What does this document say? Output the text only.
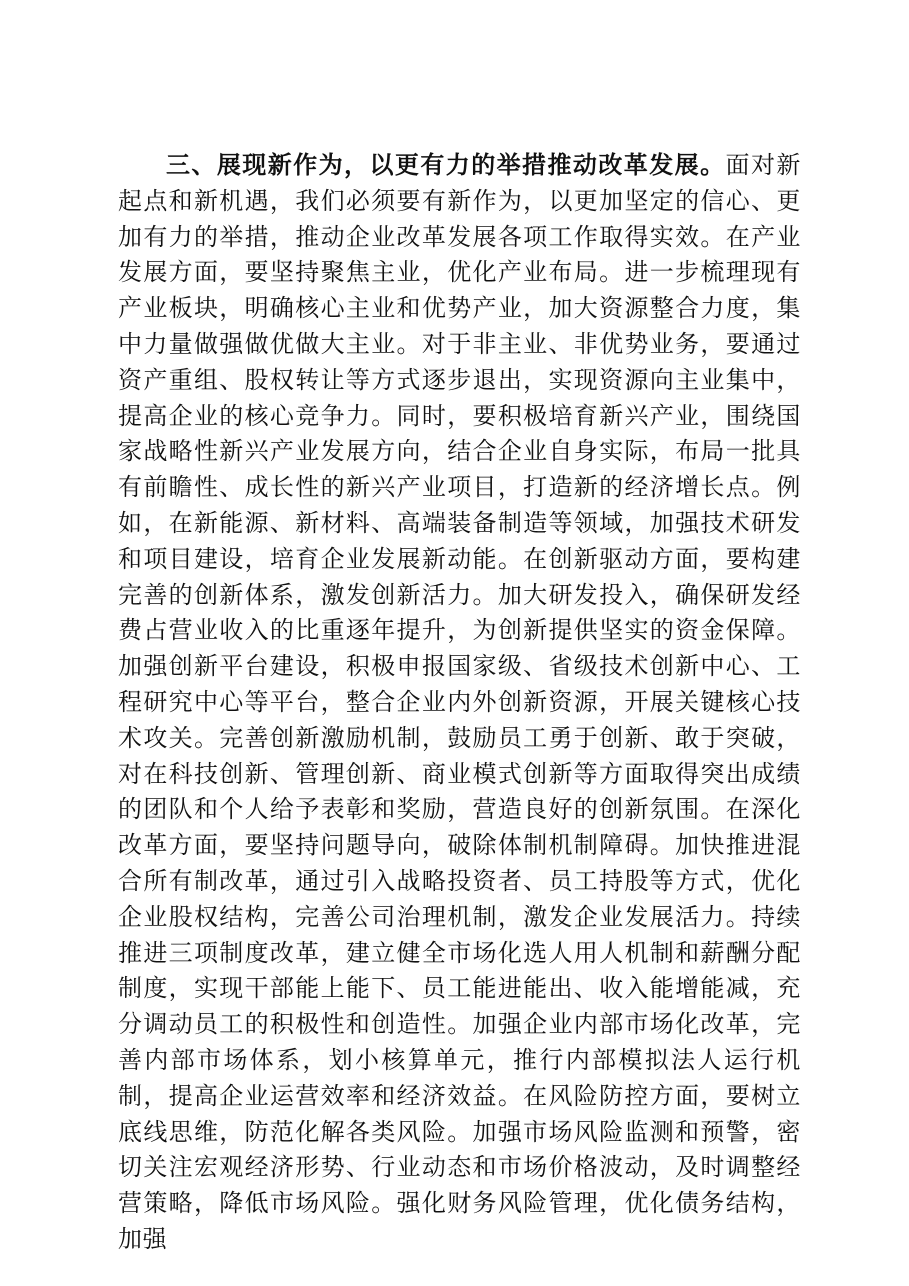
三、展现新作为，以更有力的举措推动改革发展。面对新起点和新机遇，我们必须要有新作为，以更加坚定的信心、更加有力的举措，推动企业改革发展各项工作取得实效。在产业发展方面，要坚持聚焦主业，优化产业布局。进一步梳理现有产业板块，明确核心主业和优势产业，加大资源整合力度，集中力量做强做优做大主业。对于非主业、非优势业务，要通过资产重组、股权转让等方式逐步退出，实现资源向主业集中，提高企业的核心竞争力。同时，要积极培育新兴产业，围绕国家战略性新兴产业发展方向，结合企业自身实际，布局一批具有前瞻性、成长性的新兴产业项目，打造新的经济增长点。例如，在新能源、新材料、高端装备制造等领域，加强技术研发和项目建设，培育企业发展新动能。在创新驱动方面，要构建完善的创新体系，激发创新活力。加大研发投入，确保研发经费占营业收入的比重逐年提升，为创新提供坚实的资金保障。加强创新平台建设，积极申报国家级、省级技术创新中心、工程研究中心等平台，整合企业内外创新资源，开展关键核心技术攻关。完善创新激励机制，鼓励员工勇于创新、敢于突破，对在科技创新、管理创新、商业模式创新等方面取得突出成绩的团队和个人给予表彰和奖励，营造良好的创新氛围。在深化改革方面，要坚持问题导向，破除体制机制障碍。加快推进混合所有制改革，通过引入战略投资者、员工持股等方式，优化企业股权结构，完善公司治理机制，激发企业发展活力。持续推进三项制度改革，建立健全市场化选人用人机制和薪酬分配制度，实现干部能上能下、员工能进能出、收入能增能减，充分调动员工的积极性和创造性。加强企业内部市场化改革，完善内部市场体系，划小核算单元，推行内部模拟法人运行机制，提高企业运营效率和经济效益。在风险防控方面，要树立底线思维，防范化解各类风险。加强市场风险监测和预警，密切关注宏观经济形势、行业动态和市场价格波动，及时调整经营策略，降低市场风险。强化财务风险管理，优化债务结构，加强
